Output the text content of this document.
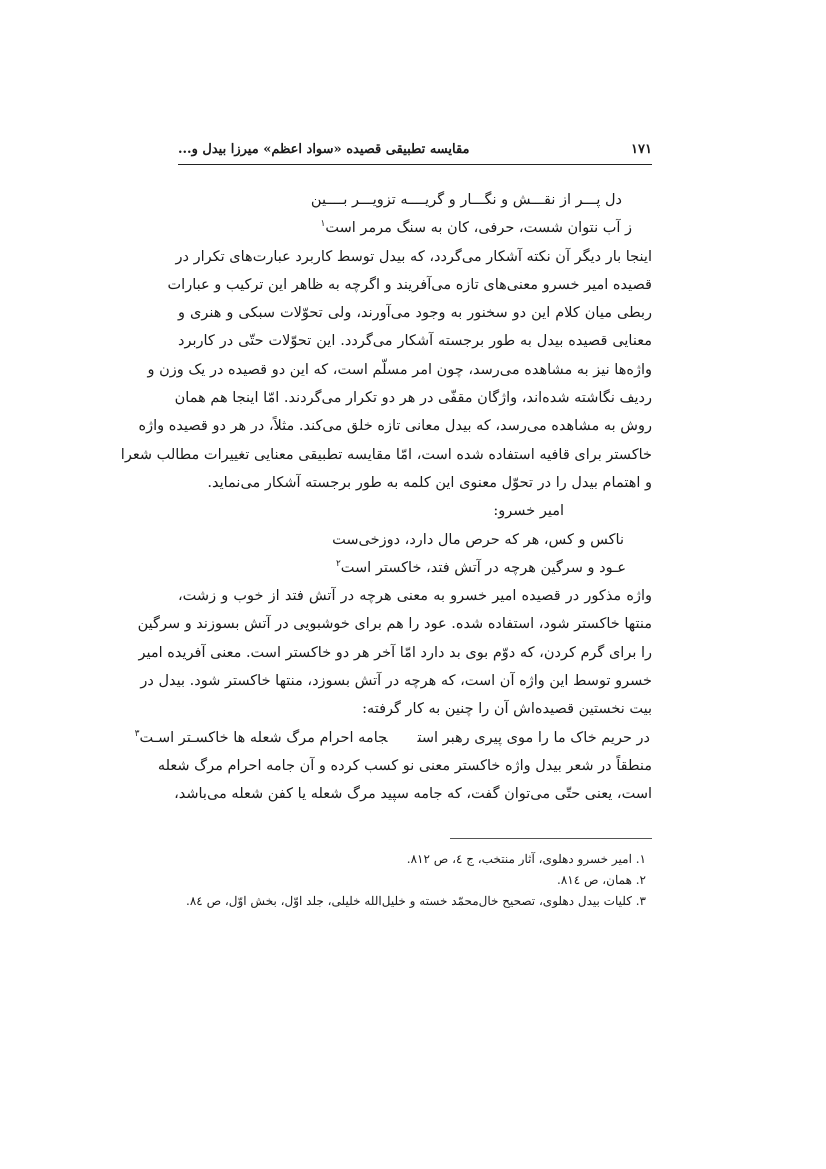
۱۷۱
مقایسه تطبیقی قصیده «سواد اعظم» میرزا بیدل و...
دل پـــر از نقـــش و نگـــار و گریــــه تزویـــر بــــین
ز آب نتوان شست، حرفی، کان به سنگ مرمر است$^۱$
اینجا بار دیگر آن نکته آشکار می‌گردد، که بیدل توسط کاربرد عبارت‌های تکرار در
قصیده امیر خسرو معنی‌های تازه می‌آفریند و اگرچه به ظاهر این ترکیب و عبارات
ربطی میان کلام این دو سخنور به وجود می‌آورند، ولی تحوّلات سبکی و هنری و
معنایی قصیده بیدل به طور برجسته آشکار می‌گردد. این تحوّلات حتّی در کاربرد
واژه‌ها نیز به مشاهده می‌رسد، چون امر مسلّم است، که این دو قصیده در یک وزن و
ردیف نگاشته شده‌اند، واژگان مقفّی در هر دو تکرار می‌گردند. امّا اینجا هم همان
روش به مشاهده می‌رسد، که بیدل معانی تازه خلق می‌کند. مثلاً، در هر دو قصیده واژه
خاکستر برای قافیه استفاده شده است، امّا مقایسه تطبیقی معنایی تغییرات مطالب شعرا
و اهتمام بیدل را در تحوّل معنوی این کلمه به طور برجسته آشکار می‌نماید.
امیر خسرو:
ناکس و کس، هر که حرص مال دارد، دوزخی‌ست
عـود و سرگین هرچه در آتش فتد، خاکستر است$^۲$
واژه مذکور در قصیده امیر خسرو به معنی هرچه در آتش فتد از خوب و زشت،
منتها خاکستر شود، استفاده شده. عود را هم برای خوشبویی در آتش بسوزند و سرگین
را برای گرم کردن، که دوّم بوی بد دارد امّا آخر هر دو خاکستر است. معنی آفریده امیر
خسرو توسط این واژه آن است، که هرچه در آتش بسوزد، منتها خاکستر شود. بیدل در
بیت نخستین قصیده‌اش آن را چنین به کار گرفته:
در حریم خاک ما را موی پیری رهبر استجامه احرام مرگ شعله ها خاکسـتر اسـت$^۳$
منطقاً در شعر بیدل واژه خاکستر معنی نو کسب کرده و آن جامه احرام مرگ شعله
است، یعنی حتّی می‌توان گفت، که جامه سپید مرگ شعله یا کفن شعله می‌باشد،
۱. امیر خسرو دهلوی، آثار منتخب، ج ٤، ص ۸۱۲.
۲. همان، ص ۸۱٤.
۳. کلیات بیدل دهلوی، تصحیح خال‌محمّد خسته و خلیل‌الله خلیلی، جلد اوّل، بخش اوّل، ص ۸٤.
